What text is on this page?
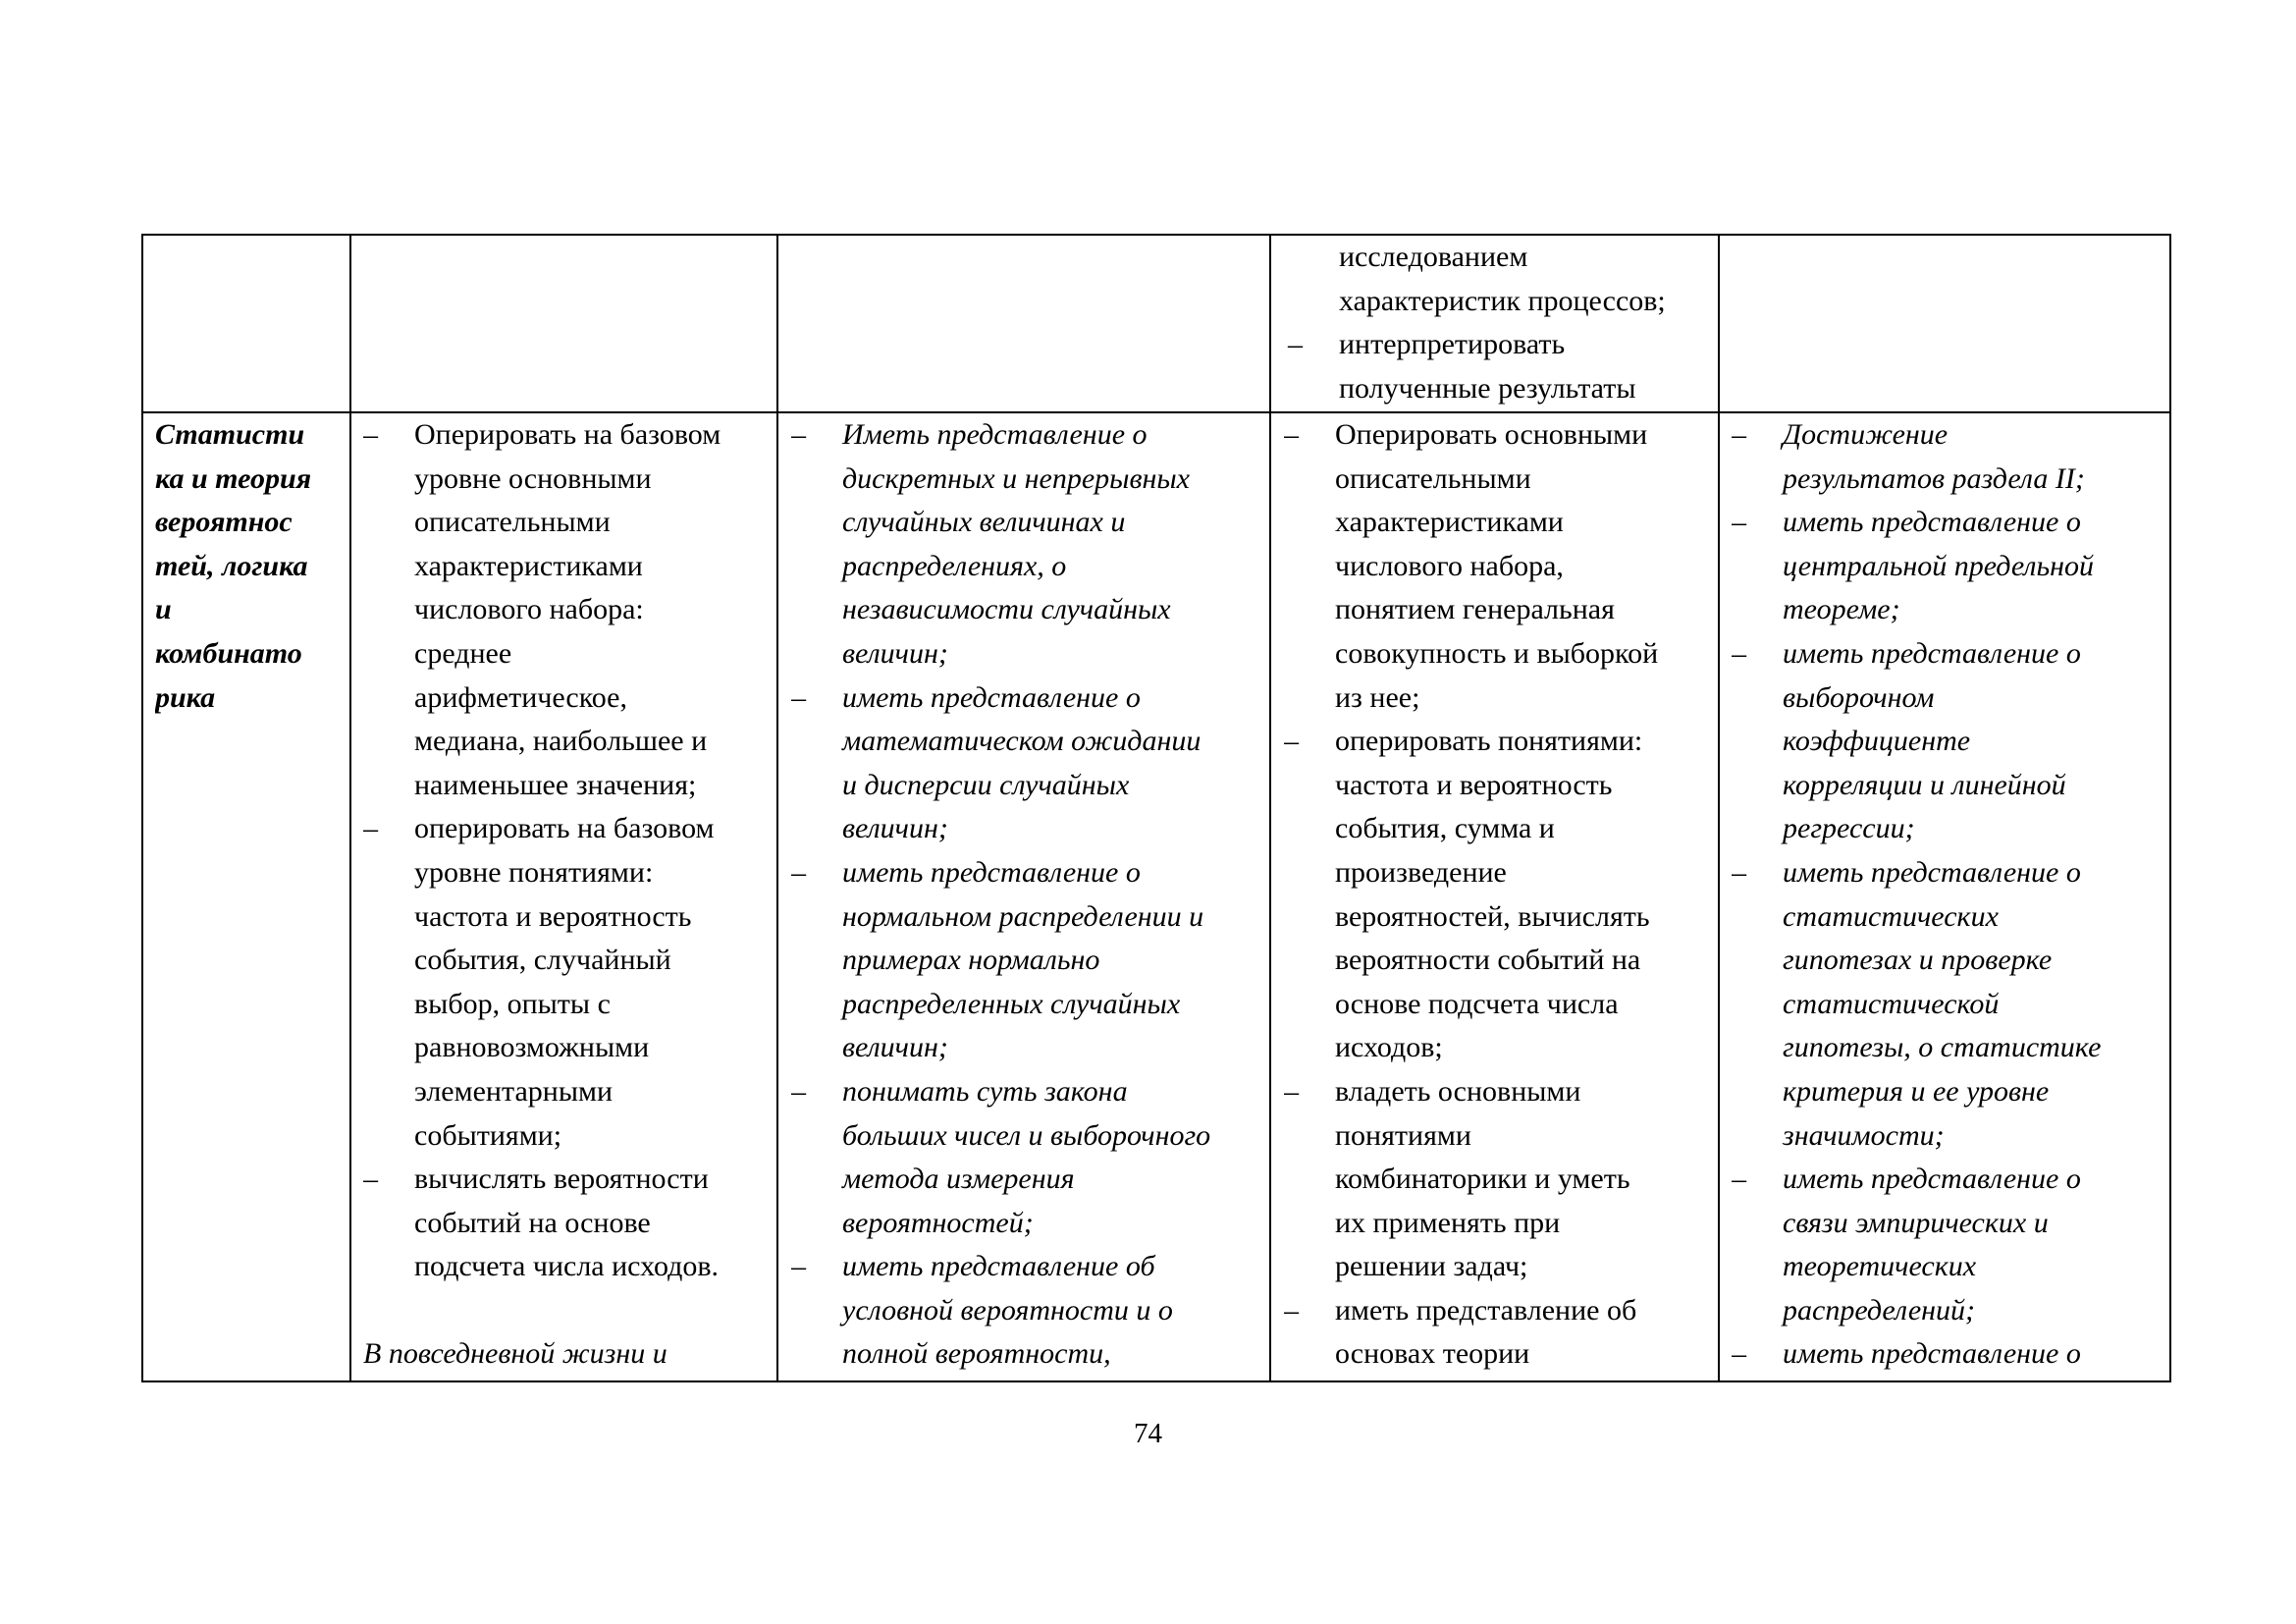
исследованием
характеристик процессов;
– интерпретировать
полученные результаты
Статисти
ка и теория
вероятнос
тей, логика
и
комбинато
рика
– Оперировать на базовом
уровне основными
описательными
характеристиками
числового набора:
среднее
арифметическое,
медиана, наибольшее и
наименьшее значения;
– оперировать на базовом
уровне понятиями:
частота и вероятность
события, случайный
выбор, опыты с
равновозможными
элементарными
событиями;
– вычислять вероятности
событий на основе
подсчета числа исходов.
В повседневной жизни и
– Иметь представление о
дискретных и непрерывных
случайных величинах и
распределениях, о
независимости случайных
величин;
– иметь представление о
математическом ожидании
и дисперсии случайных
величин;
– иметь представление о
нормальном распределении и
примерах нормально
распределенных случайных
величин;
– понимать суть закона
больших чисел и выборочного
метода измерения
вероятностей;
– иметь представление об
условной вероятности и о
полной вероятности,
– Оперировать основными
описательными
характеристиками
числового набора,
понятием генеральная
совокупность и выборкой
из нее;
– оперировать понятиями:
частота и вероятность
события, сумма и
произведение
вероятностей, вычислять
вероятности событий на
основе подсчета числа
исходов;
– владеть основными
понятиями
комбинаторики и уметь
их применять при
решении задач;
– иметь представление об
основах теории
– Достижение
результатов раздела II;
– иметь представление о
центральной предельной
теореме;
– иметь представление о
выборочном
коэффициенте
корреляции и линейной
регрессии;
– иметь представление о
статистических
гипотезах и проверке
статистической
гипотезы, о статистике
критерия и ее уровне
значимости;
– иметь представление о
связи эмпирических и
теоретических
распределений;
– иметь представление о
74
